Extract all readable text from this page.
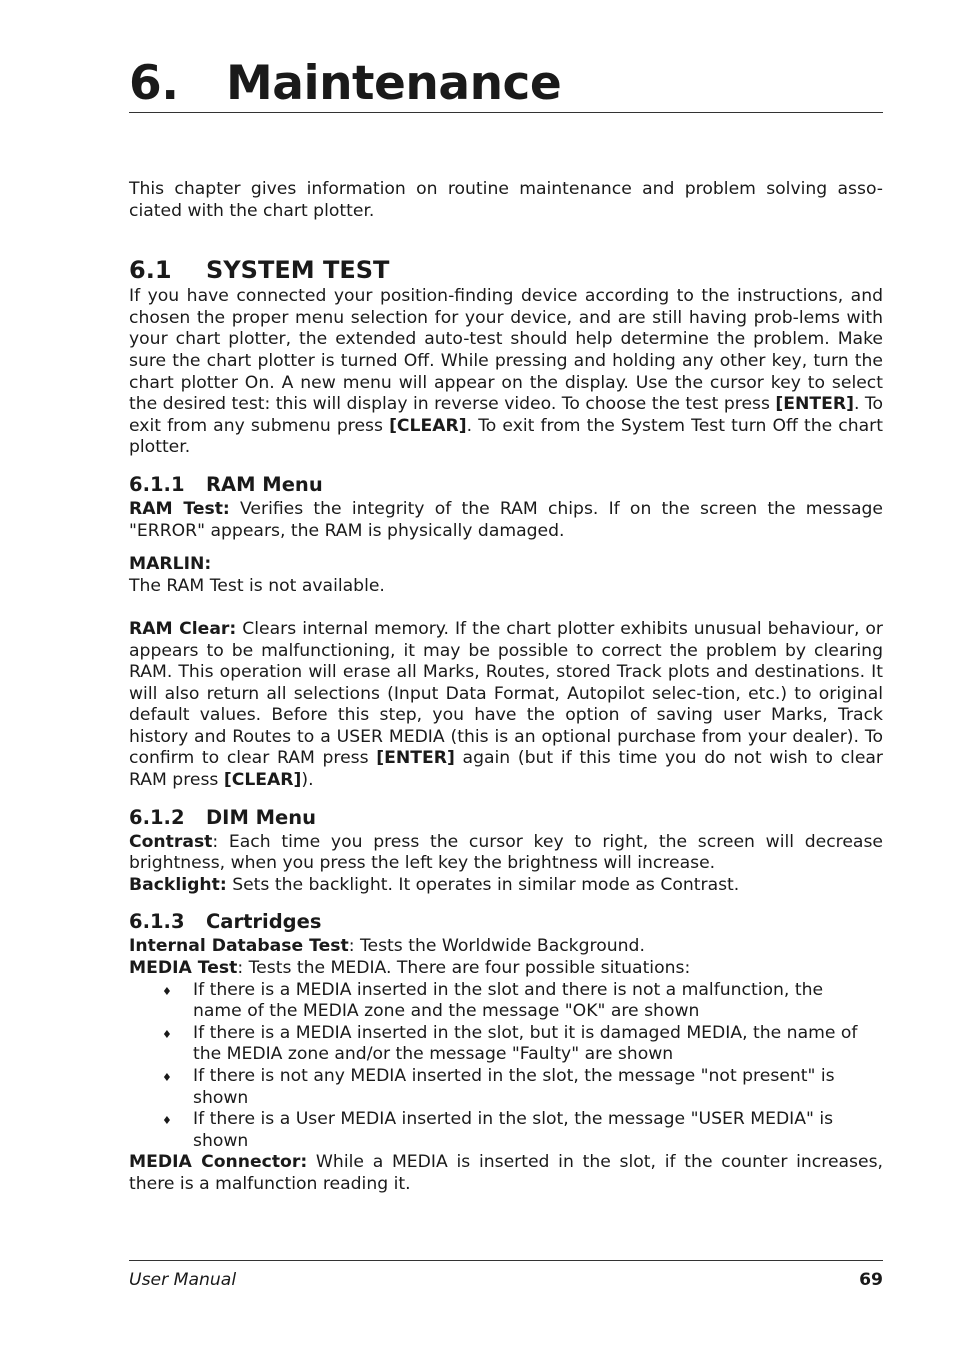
6. Maintenance

This chapter gives information on routine maintenance and problem solving asso-ciated with the chart plotter.

6.1 SYSTEM TEST

If you have connected your position-finding device according to the instructions, and chosen the proper menu selection for your device, and are still having prob-lems with your chart plotter, the extended auto-test should help determine the problem. Make sure the chart plotter is turned Off. While pressing and holding any other key, turn the chart plotter On. A new menu will appear on the display. Use the cursor key to select the desired test: this will display in reverse video. To choose the test press [ENTER]. To exit from any submenu press [CLEAR]. To exit from the System Test turn Off the chart plotter.

6.1.1 RAM Menu

RAM Test: Verifies the integrity of the RAM chips. If on the screen the message "ERROR" appears, the RAM is physically damaged.

MARLIN:

The RAM Test is not available.

RAM Clear: Clears internal memory. If the chart plotter exhibits unusual behaviour, or appears to be malfunctioning, it may be possible to correct the problem by clearing RAM. This operation will erase all Marks, Routes, stored Track plots and destinations. It will also return all selections (Input Data Format, Autopilot selec-tion, etc.) to original default values. Before this step, you have the option of saving user Marks, Track history and Routes to a USER MEDIA (this is an optional purchase from your dealer). To confirm to clear RAM press [ENTER] again (but if this time you do not wish to clear RAM press [CLEAR]).

6.1.2 DIM Menu

Contrast: Each time you press the cursor key to right, the screen will decrease brightness, when you press the left key the brightness will increase.

Backlight: Sets the backlight. It operates in similar mode as Contrast.

6.1.3 Cartridges

Internal Database Test: Tests the Worldwide Background.

MEDIA Test: Tests the MEDIA. There are four possible situations:

♦ If there is a MEDIA inserted in the slot and there is not a malfunction, the name of the MEDIA zone and the message "OK" are shown
♦ If there is a MEDIA inserted in the slot, but it is damaged MEDIA, the name of the MEDIA zone and/or the message "Faulty" are shown
♦ If there is not any MEDIA inserted in the slot, the message "not present" is shown
♦ If there is a User MEDIA inserted in the slot, the message "USER MEDIA" is shown

MEDIA Connector: While a MEDIA is inserted in the slot, if the counter increases, there is a malfunction reading it.

User Manual	69
